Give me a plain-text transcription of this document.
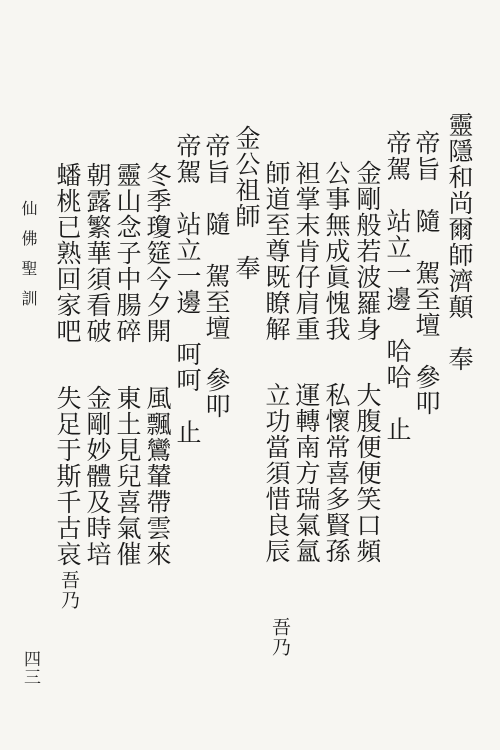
靈隱和尚爾師濟顛　奉
帝旨　隨　駕至壇　參叩
帝駕　站立一邊　哈哈　止
金剛般若波羅身
公事無成眞愧我
袒掌末肯仔肩重
師道至尊既瞭解
大腹便便笑口頻
私懷常喜多賢孫
運轉南方瑞氣氳
立功當須惜良辰
吾乃
金公祖師　奉
帝旨　隨　駕至壇　參叩
帝駕　站立一邊　呵呵　止
冬季瓊筵今夕開
靈山念子中腸碎
朝露繁華須看破
蟠桃已熟回家吧
風飄鸞輦帶雲來
東土見兒喜氣催
金剛妙體及時培
失足于斯千古哀
吾乃
仙佛聖訓
四三
